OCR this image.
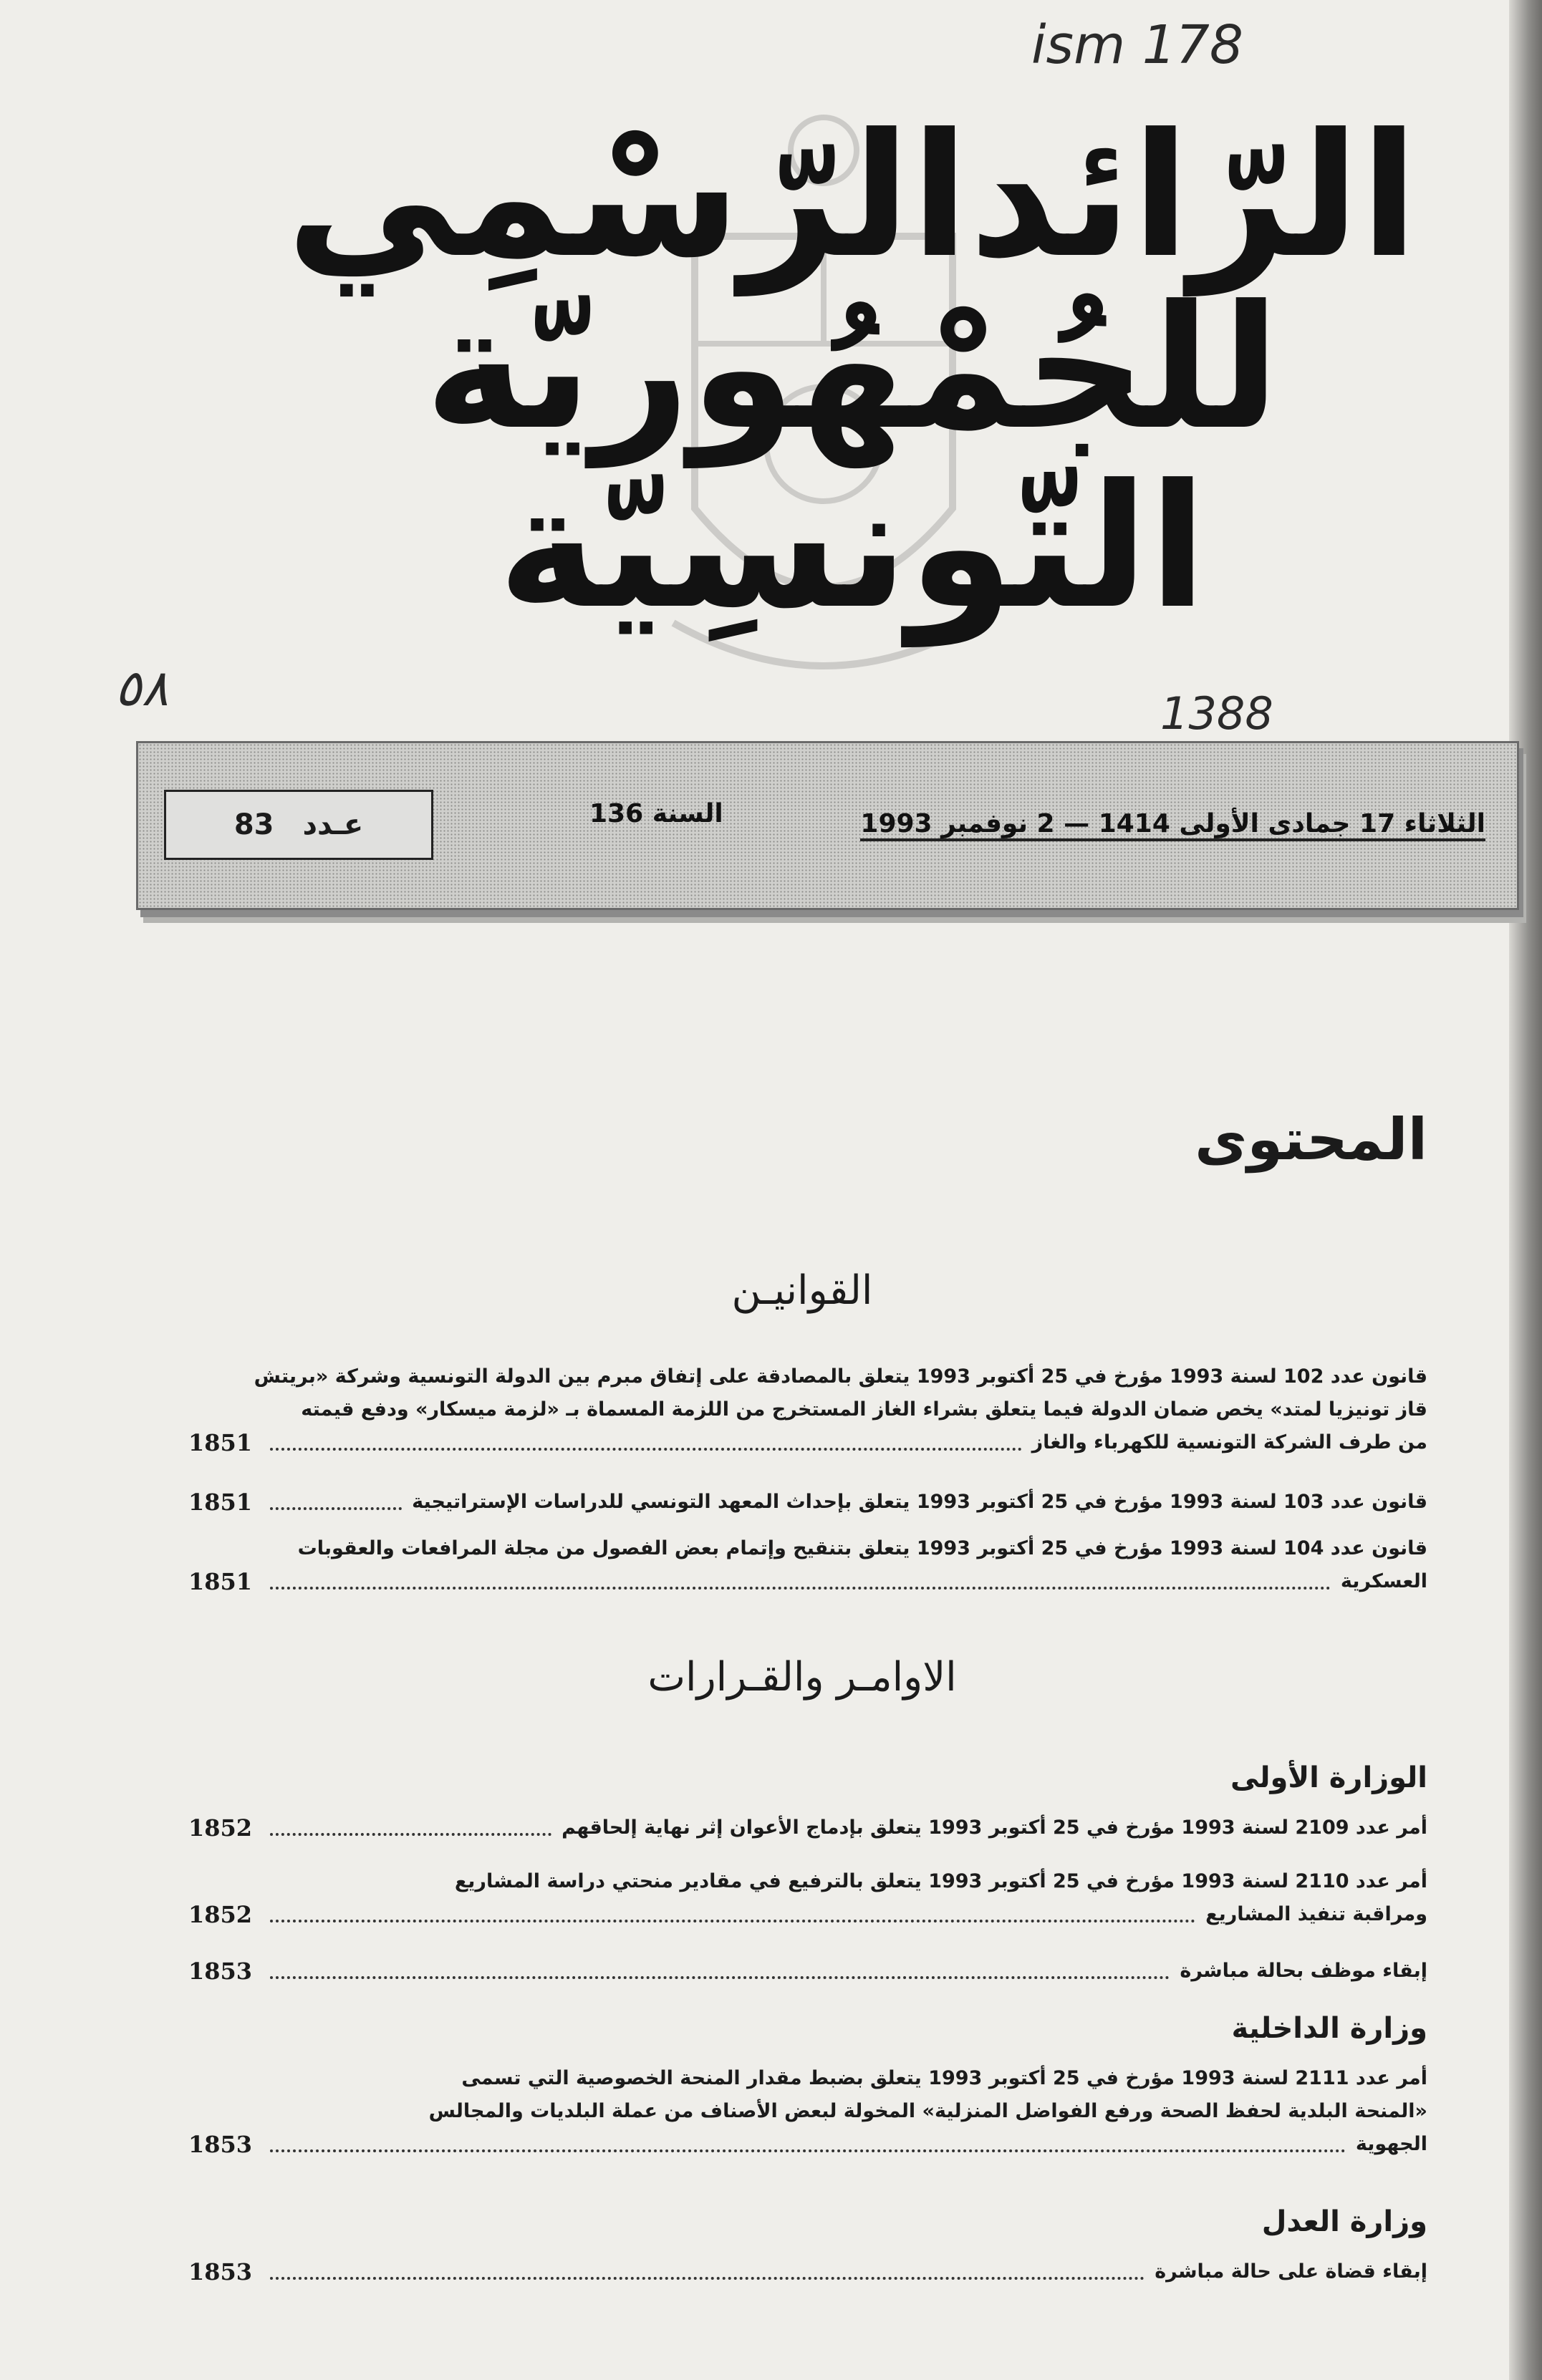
ism 178
٥٨	1388
الرّائدالرّسْمِي
للجُمْهُوريّة التّونسِيّة
الثلاثاء 17 جمادى الأولى 1414 — 2 نوفمبر 1993
السنة 136
عـدد
83
المحتوى
القوانيـن
قانون عدد 102 لسنة 1993 مؤرخ في 25 أكتوبر 1993 يتعلق بالمصادقة على إتفاق مبرم بين الدولة التونسية وشركة «بريتش
قاز تونيزيا لمتد» يخص ضمان الدولة فيما يتعلق بشراء الغاز المستخرج من اللزمة المسماة بـ «لزمة ميسكار» ودفع قيمته
من طرف الشركة التونسية للكهرباء والغاز
1851
قانون عدد 103 لسنة 1993 مؤرخ في 25 أكتوبر 1993 يتعلق بإحداث المعهد التونسي للدراسات الإستراتيجية
1851
قانون عدد 104 لسنة 1993 مؤرخ في 25 أكتوبر 1993 يتعلق بتنقيح وإتمام بعض الفصول من مجلة المرافعات والعقوبات
العسكرية
1851
الاوامـر والقـرارات
الوزارة الأولى
أمر عدد 2109 لسنة 1993 مؤرخ في 25 أكتوبر 1993 يتعلق بإدماج الأعوان إثر نهاية إلحاقهم
1852
أمر عدد 2110 لسنة 1993 مؤرخ في 25 أكتوبر 1993 يتعلق بالترفيع في مقادير منحتي دراسة المشاريع
ومراقبة تنفيذ المشاريع
1852
إبقاء موظف بحالة مباشرة
1853
وزارة الداخلية
أمر عدد 2111 لسنة 1993 مؤرخ في 25 أكتوبر 1993 يتعلق بضبط مقدار المنحة الخصوصية التي تسمى
«المنحة البلدية لحفظ الصحة ورفع الفواضل المنزلية» المخولة لبعض الأصناف من عملة البلديات والمجالس
الجهوية
1853
وزارة العدل
إبقاء قضاة على حالة مباشرة
1853
